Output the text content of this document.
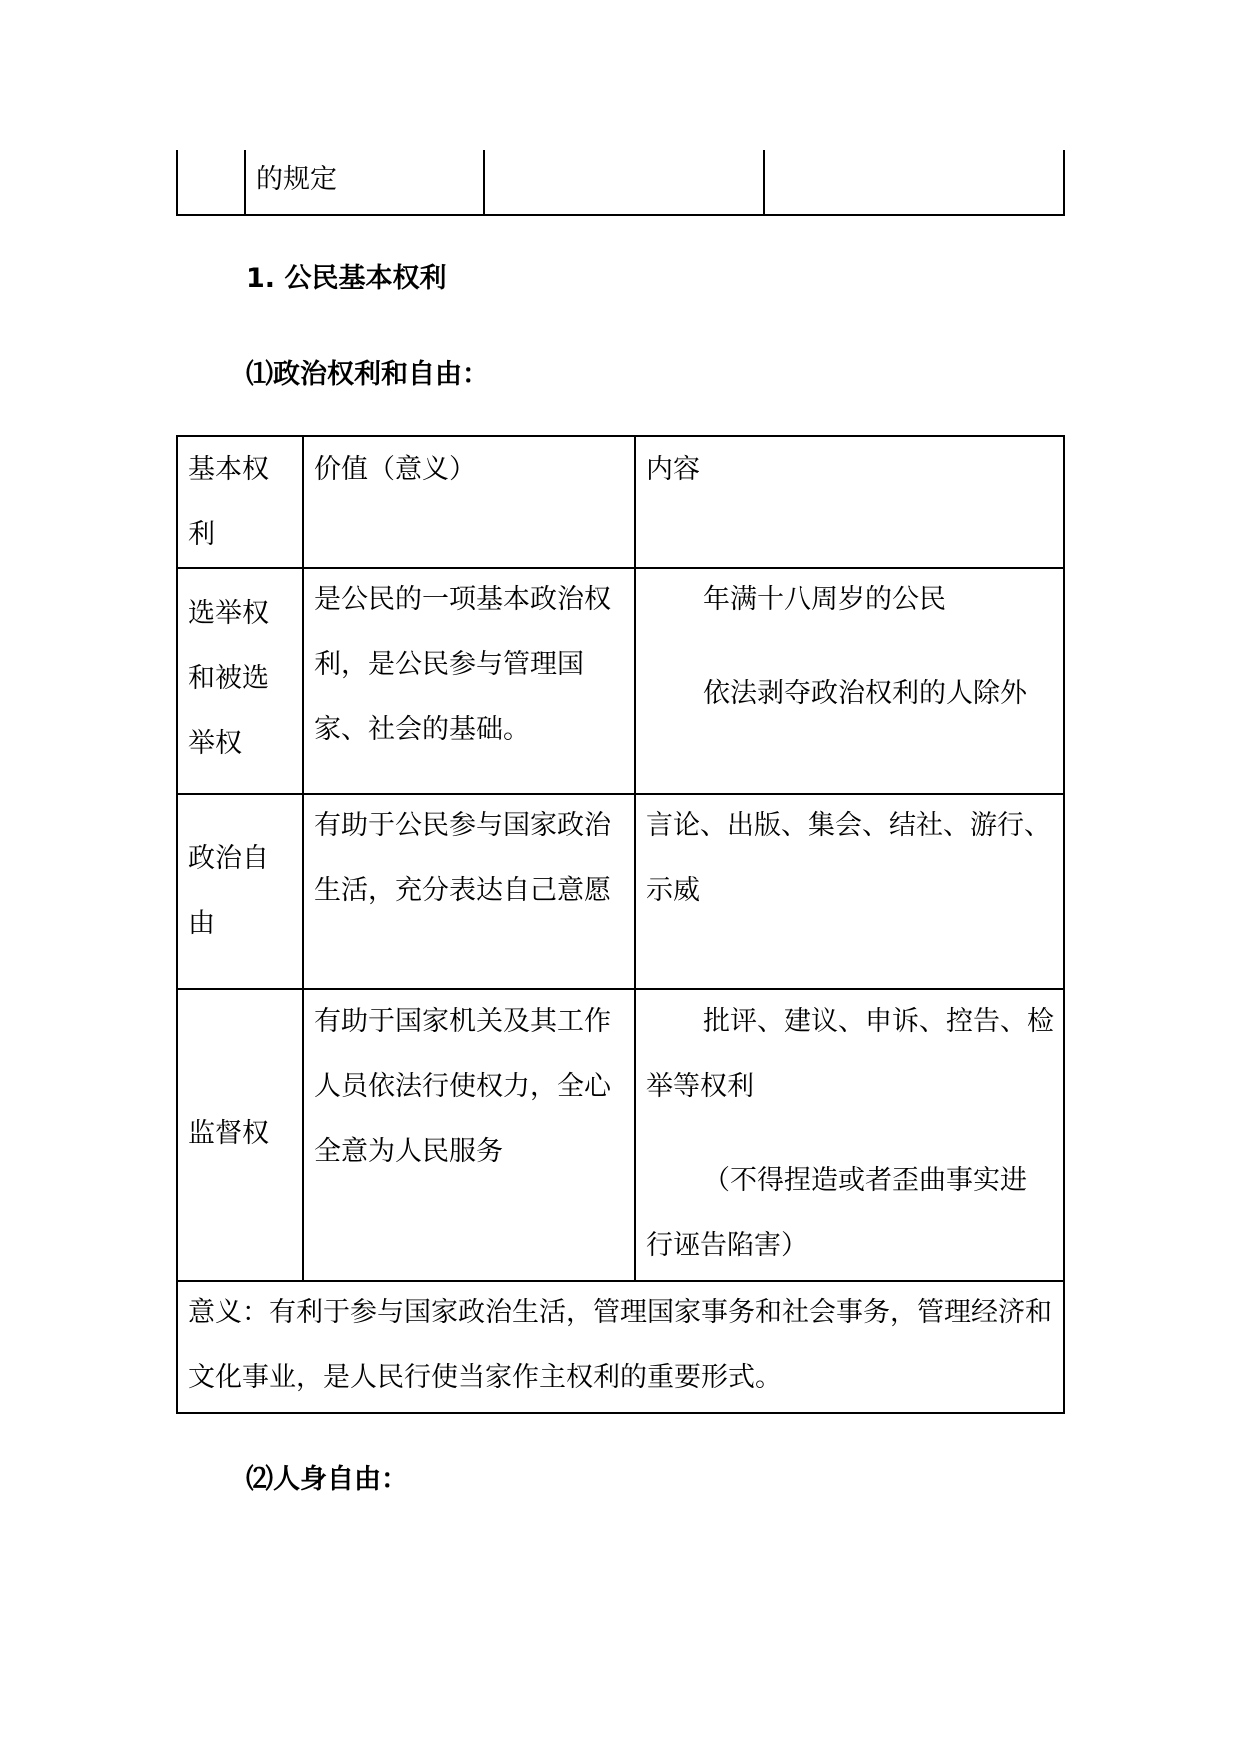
的规定
1. 公民基本权利
⑴政治权利和自由：
基本权利
价值（意义）	内容
选举权和被选举权
是公民的一项基本政治权利，是公民参与管理国家、社会的基础。
年满十八周岁的公民
依法剥夺政治权利的人除外
政治自由
有助于公民参与国家政治生活，充分表达自己意愿
言论、出版、集会、结社、游行、示威
监督权
有助于国家机关及其工作人员依法行使权力，全心全意为人民服务
批评、建议、申诉、控告、检举等权利
（不得捏造或者歪曲事实进行诬告陷害）
意义：有利于参与国家政治生活，管理国家事务和社会事务，管理经济和文化事业，是人民行使当家作主权利的重要形式。
⑵人身自由：
